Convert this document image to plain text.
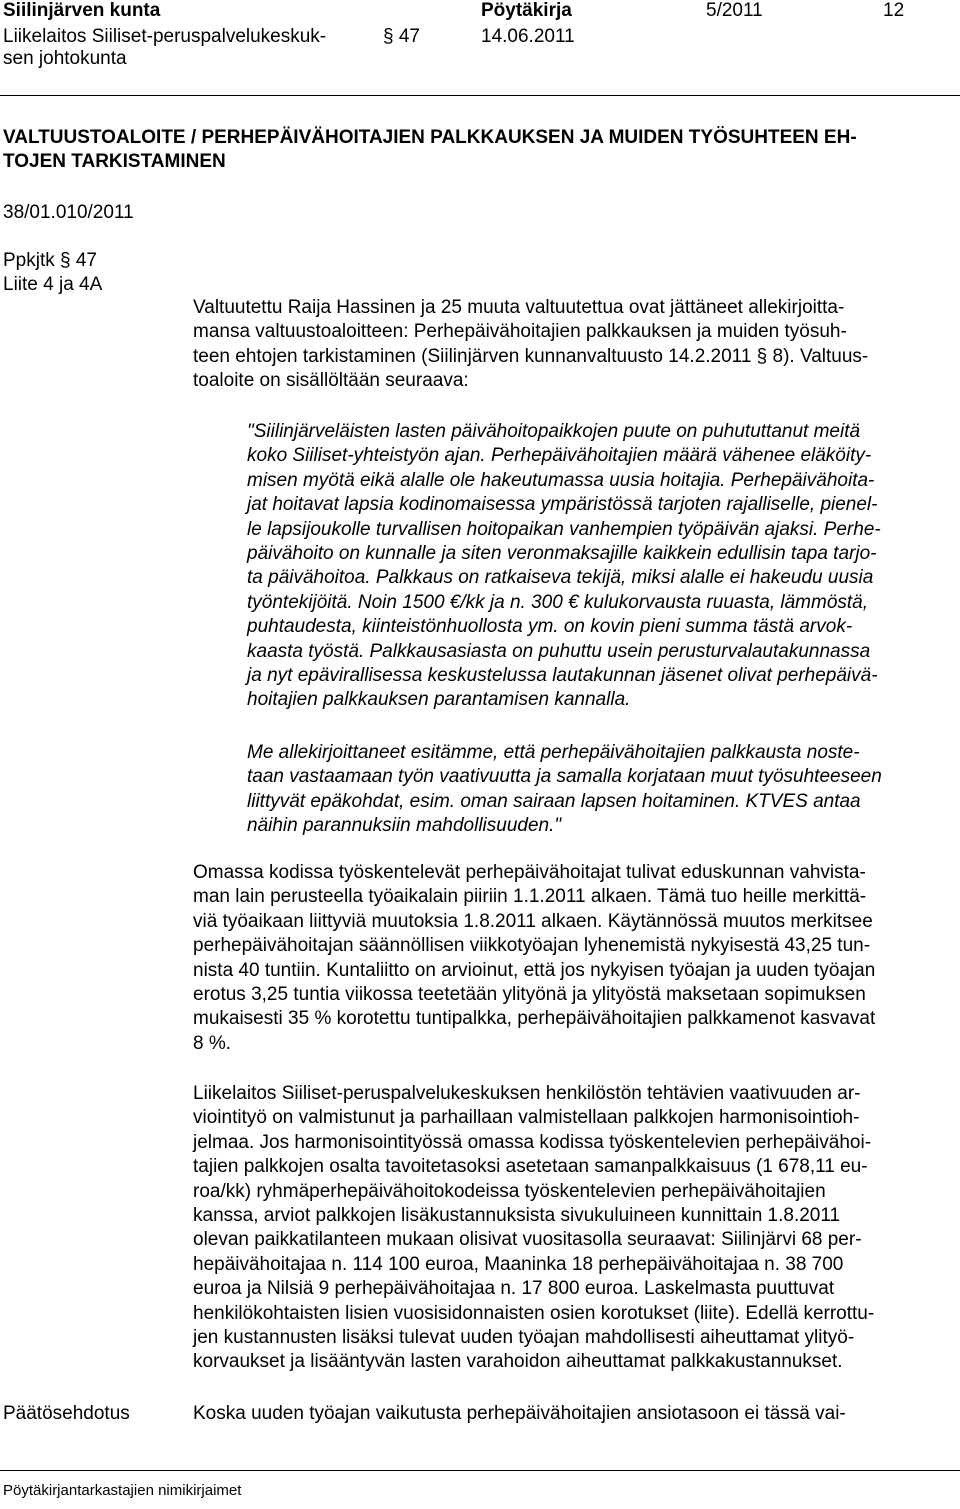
Siilinjärven kunta	Pöytäkirja	5/2011	12
Liikelaitos Siiliset-peruspalvelukeskuk-
sen johtokunta
§ 47	14.06.2011
VALTUUSTOALOITE / PERHEPÄIVÄHOITAJIEN PALKKAUKSEN JA MUIDEN TYÖSUHTEEN EH-
TOJEN TARKISTAMINEN
38/01.010/2011
Ppkjtk § 47
Liite 4 ja 4A
Valtuutettu Raija Hassinen ja 25 muuta valtuutettua ovat jättäneet allekirjoitta-
mansa valtuustoaloitteen: Perhepäivähoitajien palkkauksen ja muiden työsuh-
teen ehtojen tarkistaminen (Siilinjärven kunnanvaltuusto 14.2.2011 § 8). Valtuus-
toaloite on sisällöltään seuraava:
"Siilinjärveläisten lasten päivähoitopaikkojen puute on puhututtanut meitä
koko Siiliset-yhteistyön ajan. Perhepäivähoitajien määrä vähenee eläköity-
misen myötä eikä alalle ole hakeutumassa uusia hoitajia. Perhepäivähoita-
jat hoitavat lapsia kodinomaisessa ympäristössä tarjoten rajalliselle, pienel-
le lapsijoukolle turvallisen hoitopaikan vanhempien työpäivän ajaksi. Perhe-
päivähoito on kunnalle ja siten veronmaksajille kaikkein edullisin tapa tarjo-
ta päivähoitoa. Palkkaus on ratkaiseva tekijä, miksi alalle ei hakeudu uusia
työntekijöitä. Noin 1500 €/kk ja n. 300 € kulukorvausta ruuasta, lämmöstä,
puhtaudesta, kiinteistönhuollosta ym. on kovin pieni summa tästä arvok-
kaasta työstä. Palkkausasiasta on puhuttu usein perusturvalautakunnassa
ja nyt epävirallisessa keskustelussa lautakunnan jäsenet olivat perhepäivä-
hoitajien palkkauksen parantamisen kannalla.
Me allekirjoittaneet esitämme, että perhepäivähoitajien palkkausta noste-
taan vastaamaan työn vaativuutta ja samalla korjataan muut työsuhteeseen
liittyvät epäkohdat, esim. oman sairaan lapsen hoitaminen. KTVES antaa
näihin parannuksiin mahdollisuuden."
Omassa kodissa työskentelevät perhepäivähoitajat tulivat eduskunnan vahvista-
man lain perusteella työaikalain piiriin 1.1.2011 alkaen. Tämä tuo heille merkittä-
viä työaikaan liittyviä muutoksia 1.8.2011 alkaen. Käytännössä muutos merkitsee
perhepäivähoitajan säännöllisen viikkotyöajan lyhenemistä nykyisestä 43,25 tun-
nista 40 tuntiin. Kuntaliitto on arvioinut, että jos nykyisen työajan ja uuden työajan
erotus 3,25 tuntia viikossa teetetään ylityönä ja ylityöstä maksetaan sopimuksen
mukaisesti 35 % korotettu tuntipalkka, perhepäivähoitajien palkkamenot kasvavat
8 %.
Liikelaitos Siiliset-peruspalvelukeskuksen henkilöstön tehtävien vaativuuden ar-
viointityö on valmistunut ja parhaillaan valmistellaan palkkojen harmonisointioh-
jelmaa. Jos harmonisointityössä omassa kodissa työskentelevien perhepäivähoi-
tajien palkkojen osalta tavoitetasoksi asetetaan samanpalkkaisuus (1 678,11 eu-
roa/kk) ryhmäperhepäivähoitokodeissa työskentelevien perhepäivähoitajien
kanssa, arviot palkkojen lisäkustannuksista sivukuluineen kunnittain 1.8.2011
olevan paikkatilanteen mukaan olisivat vuositasolla seuraavat: Siilinjärvi 68 per-
hepäivähoitajaa n. 114 100 euroa, Maaninka 18 perhepäivähoitajaa n. 38 700
euroa ja Nilsiä 9 perhepäivähoitajaa n. 17 800 euroa. Laskelmasta puuttuvat
henkilökohtaisten lisien vuosisidonnaisten osien korotukset (liite). Edellä kerrottu-
jen kustannusten lisäksi tulevat uuden työajan mahdollisesti aiheuttamat ylityö-
korvaukset ja lisääntyvän lasten varahoidon aiheuttamat palkkakustannukset.
Päätösehdotus	Koska uuden työajan vaikutusta perhepäivähoitajien ansiotasoon ei tässä vai-
Pöytäkirjantarkastajien nimikirjaimet
